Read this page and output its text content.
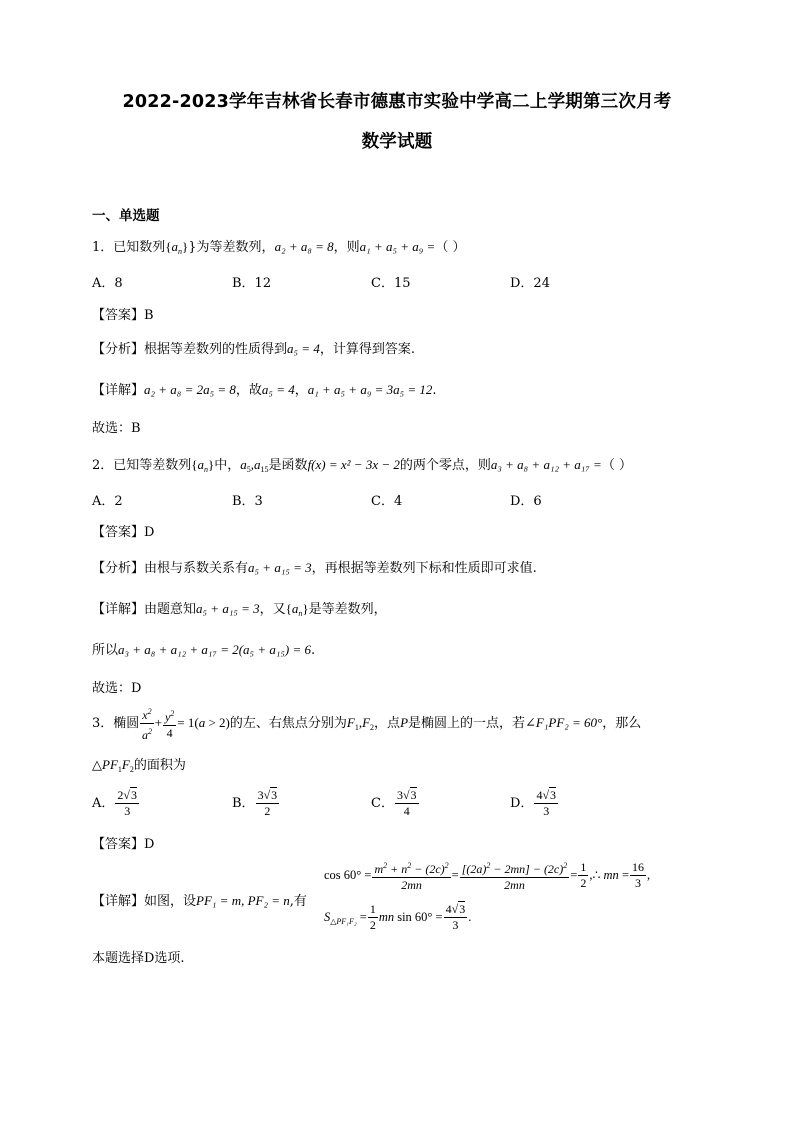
2022-2023学年吉林省长春市德惠市实验中学高二上学期第三次月考
数学试题
一、单选题
1．已知数列$\{a_n\}$}为等差数列，a₂ + a₈ = 8，则a₁ + a₅ + a₉ =（ ）
A．8	B．12	C．15	D．24
【答案】B
【分析】根据等差数列的性质得到a₅ = 4，计算得到答案.
【详解】a₂ + a₈ = 2a₅ = 8，故a₅ = 4，a₁ + a₅ + a₉ = 3a₅ = 12.
故选：B
2．已知等差数列$\{a_n\}$中，$a_5,a_{15}$是函数f(x) = x² − 3x − 2的两个零点，则a₃ + a₈ + a₁₂ + a₁₇ =（ ）
A．2	B．3	C．4	D．6
【答案】D
【分析】由根与系数关系有a₅ + a₁₅ = 3，再根据等差数列下标和性质即可求值.
【详解】由题意知a₅ + a₁₅ = 3，又$\{a_n\}$是等差数列，
所以a₃ + a₈ + a₁₂ + a₁₇ = 2(a₅ + a₁₅) = 6.
故选：D
3．椭圆 $\frac{x^2}{a^2} + \frac{y^2}{4} = 1(a > 2)$的左、右焦点分别为$F_1,F_2$，点P是椭圆上的一点，若∠F₁PF₂ = 60°，那么
$\triangle PF_1F_2$的面积为
A． $\frac{2√3}{3}$	B． $\frac{3√3}{2}$	C． $\frac{3√3}{4}$	D． $\frac{4√3}{3}$
【答案】D
【详解】如图，设PF₁ = m, PF₂ = n,有
$\cos 60^\circ = \frac{m^2 + n^2 - (2c)^2}{2mn} = \frac{[(2a)^2 - 2mn] - (2c)^2}{2mn} = \frac{1}{2}$ ,∴ mn = $\frac{16}{3}$ ,
$S_{\triangle PF_1F_2} = \frac{1}{2}$ mn $\sin 60^\circ = \frac{4√3}{3}$ .
本题选择D选项.
